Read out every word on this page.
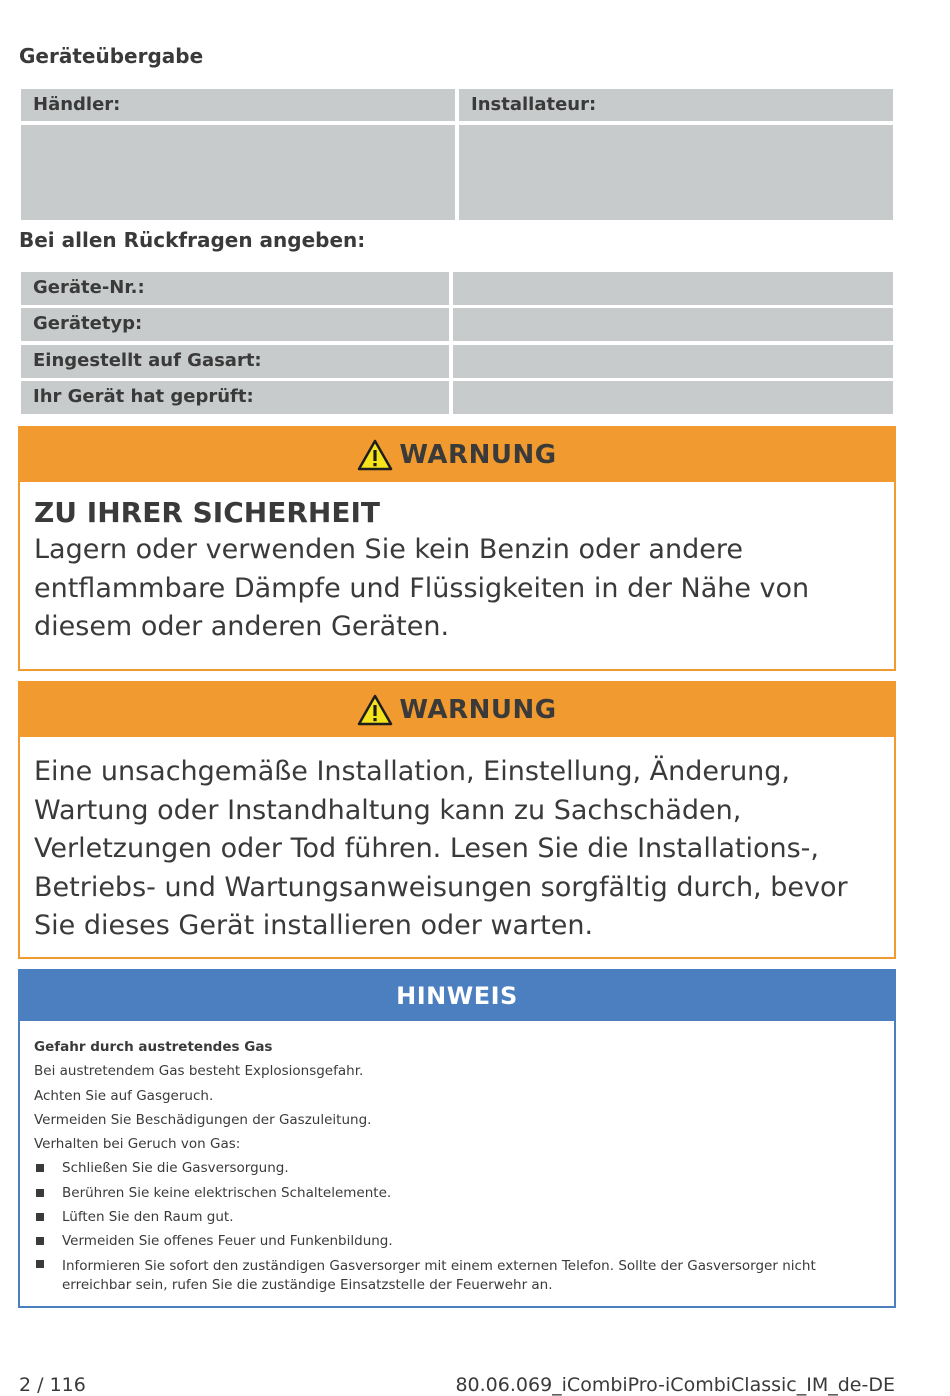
Geräteübergabe
Händler:	Installateur:
Bei allen Rückfragen angeben:
Geräte-Nr.:
Gerätetyp:
Eingestellt auf Gasart:
Ihr Gerät hat geprüft:
WARNUNG
ZU IHRER SICHERHEIT

Lagern oder verwenden Sie kein Benzin oder andere entflammbare Dämpfe und Flüssigkeiten in der Nähe von diesem oder anderen Geräten.

WARNUNG

Eine unsachgemäße Installation, Einstellung, Änderung, Wartung oder Instandhaltung kann zu Sachschäden, Verletzungen oder Tod führen. Lesen Sie die Installations-, Betriebs- und Wartungsanweisungen sorgfältig durch, bevor Sie dieses Gerät installieren oder warten.

HINWEIS

Gefahr durch austretendes Gas

Bei austretendem Gas besteht Explosionsgefahr.

Achten Sie auf Gasgeruch.

Vermeiden Sie Beschädigungen der Gaszuleitung.

Verhalten bei Geruch von Gas:

Schließen Sie die Gasversorgung.
Berühren Sie keine elektrischen Schaltelemente.
Lüften Sie den Raum gut.
Vermeiden Sie offenes Feuer und Funkenbildung.
Informieren Sie sofort den zuständigen Gasversorger mit einem externen Telefon. Sollte der Gasversorger nicht erreichbar sein, rufen Sie die zuständige Einsatzstelle der Feuerwehr an.
2 / 116	80.06.069_iCombiPro-iCombiClassic_IM_de-DE
